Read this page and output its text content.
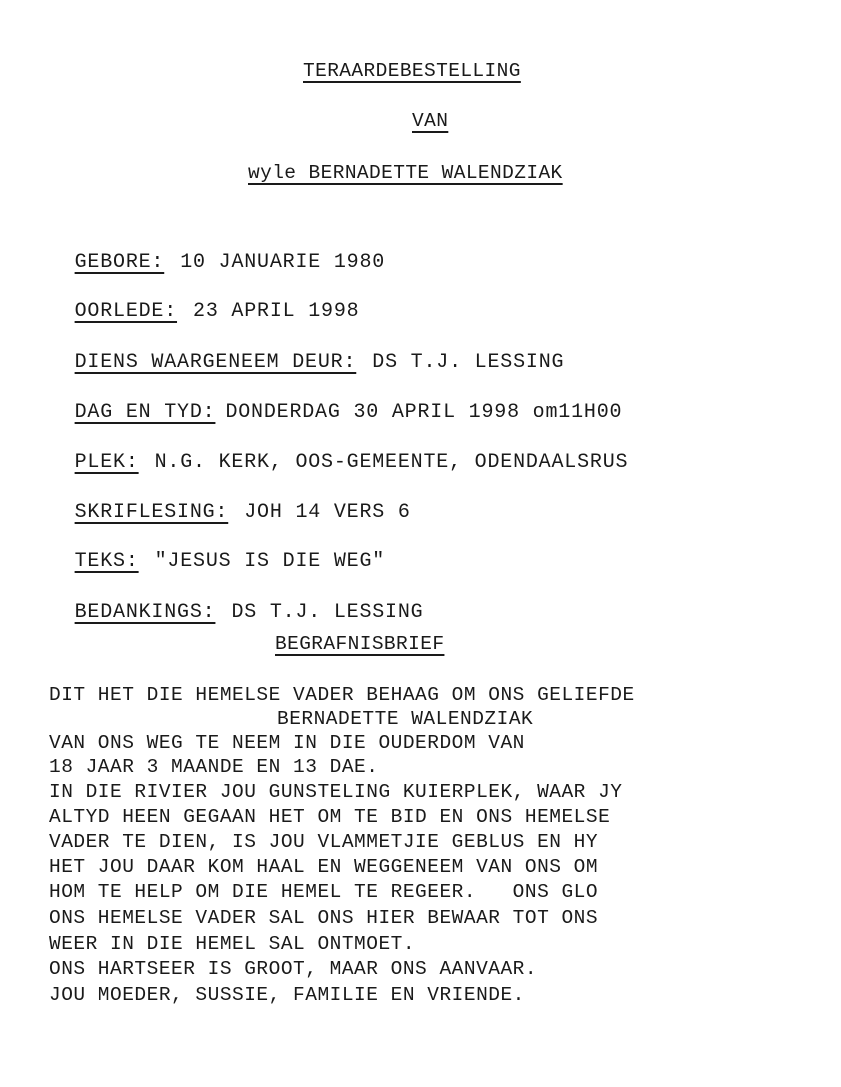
TERAARDEBESTELLING
VAN
wyle BERNADETTE WALENDZIAK

GEBORE: 10 JANUARIE 1980

OORLEDE: 23 APRIL 1998

DIENS WAARGENEEM DEUR: DS T.J. LESSING

DAG EN TYD: DONDERDAG 30 APRIL 1998 om11H00

PLEK: N.G. KERK, OOS-GEMEENTE, ODENDAALSRUS

SKRIFLESING: JOH 14 VERS 6

TEKS: "JESUS IS DIE WEG"

BEDANKINGS: DS T.J. LESSING

BEGRAFNISBRIEF
DIT HET DIE HEMELSE VADER BEHAAG OM ONS GELIEFDE
BERNADETTE WALENDZIAK
VAN ONS WEG TE NEEM IN DIE OUDERDOM VAN
18 JAAR 3 MAANDE EN 13 DAE.
IN DIE RIVIER JOU GUNSTELING KUIERPLEK, WAAR JY
ALTYD HEEN GEGAAN HET OM TE BID EN ONS HEMELSE
VADER TE DIEN, IS JOU VLAMMETJIE GEBLUS EN HY
HET JOU DAAR KOM HAAL EN WEGGENEEM VAN ONS OM
HOM TE HELP OM DIE HEMEL TE REGEER.   ONS GLO
ONS HEMELSE VADER SAL ONS HIER BEWAAR TOT ONS
WEER IN DIE HEMEL SAL ONTMOET.
ONS HARTSEER IS GROOT, MAAR ONS AANVAAR.
JOU MOEDER, SUSSIE, FAMILIE EN VRIENDE.
